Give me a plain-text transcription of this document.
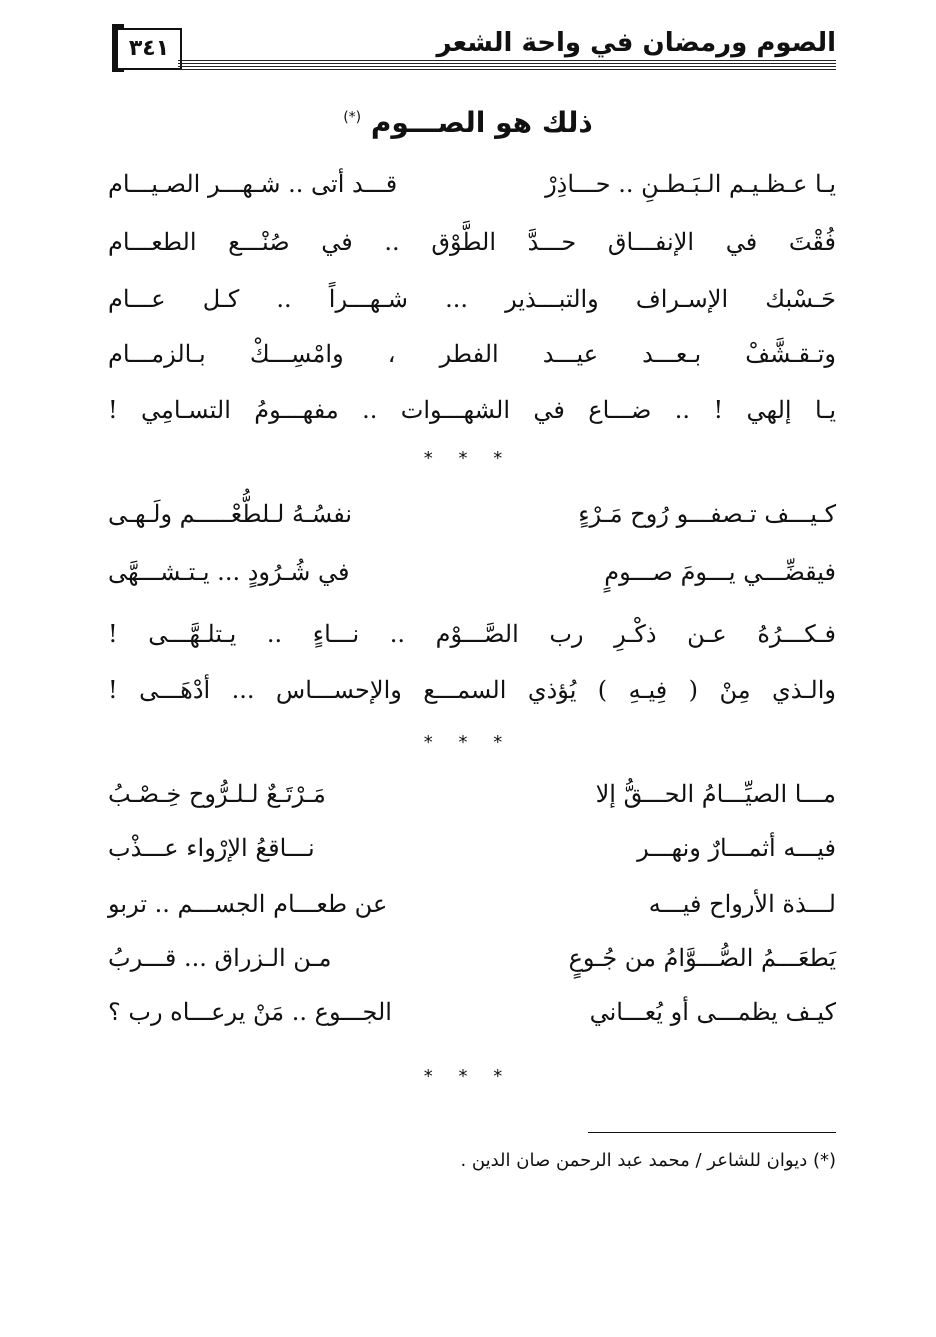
٣٤١	الصوم ورمضان في واحة الشعر
ذلك هو الصـــوم (*)
يـا عـظـيـم الـبَـطـنِ .. حـــاذِرْ
قـــد أتى .. شـهـــر الصـيـــام
فُقْتَ في الإنفـــاق حـــدَّ الطَّوْق .. في صُنْـــع الطعـــام
حَـسْبك الإسـراف والتبـــذير ... شـهـــراً .. كـل عـــام
وتـقـشَّفْ بـعـــد عيـــد الفطر ، وامْسِـــكْ بـالزمـــام
يـا إلهي ! .. ضـــاع في الشهـــوات .. مفهـــومُ التسـامِي !
* * *
كـيـــف تـصفـــو رُوح مَـرْءٍ
نفسُـهُ لـلطُّعْـــــم ولَـهـى
فيقضِّـــي يـــومَ صـــومٍ
في شُـرُودٍ ... يـتـشـــهَّى
فـكـــرُهُ عـن ذكْـرِ رب الصَّـــوْم .. نـــاءٍ .. يـتلـهَّـــى !
والـذي مِنْ ( فِيـهِ ) يُؤذي السمـــع والإحســـاس ... أدْهَـــى !
* * *
مـــا الصيِّـــامُ الحـــقُّ إلا
مَـرْتَـعٌ لـلـرُّوح خِـصْـبُ
فيـــه أثمـــارٌ ونهـــر
نـــاقعُ الإرْواء عـــذْب
لـــذة الأرواح فيـــه
عن طعـــام الجســـم .. تربو
يَطعَـــمُ الصُّـــوَّامُ من جُـوعٍ
مـن الـزراق ... قـــربُ
كيـف يظمـــى أو يُعـــاني
الجـــوع .. مَنْ يرعـــاه رب ؟
* * *
(*) ديوان للشاعر / محمد عبد الرحمن صان الدين .
